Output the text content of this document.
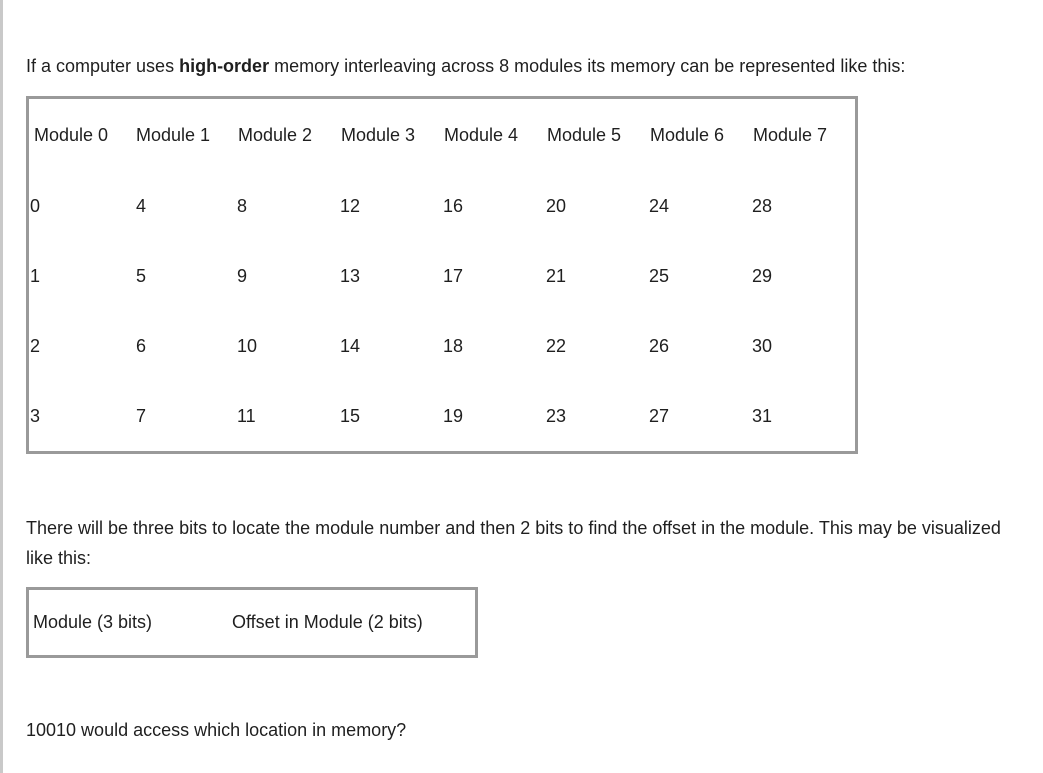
If a computer uses high-order memory interleaving across 8 modules its memory can be represented like this:

Module 0 Module 1 Module 2 Module 3 Module 4 Module 5 Module 6 Module 7
0	4	8	12	16	20	24	28
1	5	9	13	17	21	25	29
2	6	10	14	18	22	26	30
3	7	11	15	19	23	27	31

There will be three bits to locate the module number and then 2 bits to find the offset in the module. This may be visualized like this:

Module (3 bits)	Offset in Module (2 bits)

10010 would access which location in memory?
